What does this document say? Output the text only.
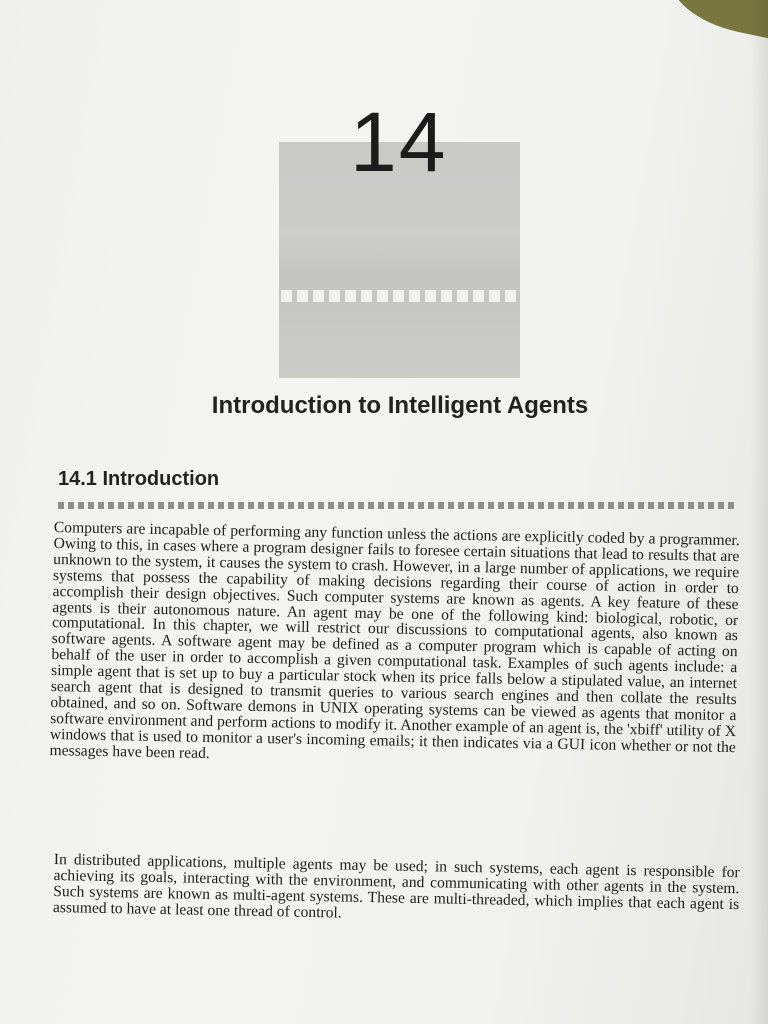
14
Introduction to Intelligent Agents
14.1 Introduction

Computers are incapable of performing any function unless the actions are explicitly coded by a programmer. Owing to this, in cases where a program designer fails to foresee certain situations that lead to results that are unknown to the system, it causes the system to crash. However, in a large number of applications, we require systems that possess the capability of making decisions regarding their course of action in order to accomplish their design objectives. Such computer systems are known as agents. A key feature of these agents is their autonomous nature. An agent may be one of the following kind: biological, robotic, or computational. In this chapter, we will restrict our discussions to computational agents, also known as software agents. A software agent may be defined as a computer program which is capable of acting on behalf of the user in order to accomplish a given computational task. Examples of such agents include: a simple agent that is set up to buy a particular stock when its price falls below a stipulated value, an internet search agent that is designed to transmit queries to various search engines and then collate the results obtained, and so on. Software demons in UNIX operating systems can be viewed as agents that monitor a software environment and perform actions to modify it. Another example of an agent is, the 'xbiff' utility of X windows that is used to monitor a user's incoming emails; it then indicates via a GUI icon whether or not the messages have been read.

In distributed applications, multiple agents may be used; in such systems, each agent is responsible for achieving its goals, interacting with the environment, and communicating with other agents in the system. Such systems are known as multi-agent systems. These are multi-threaded, which implies that each agent is assumed to have at least one thread of control.
